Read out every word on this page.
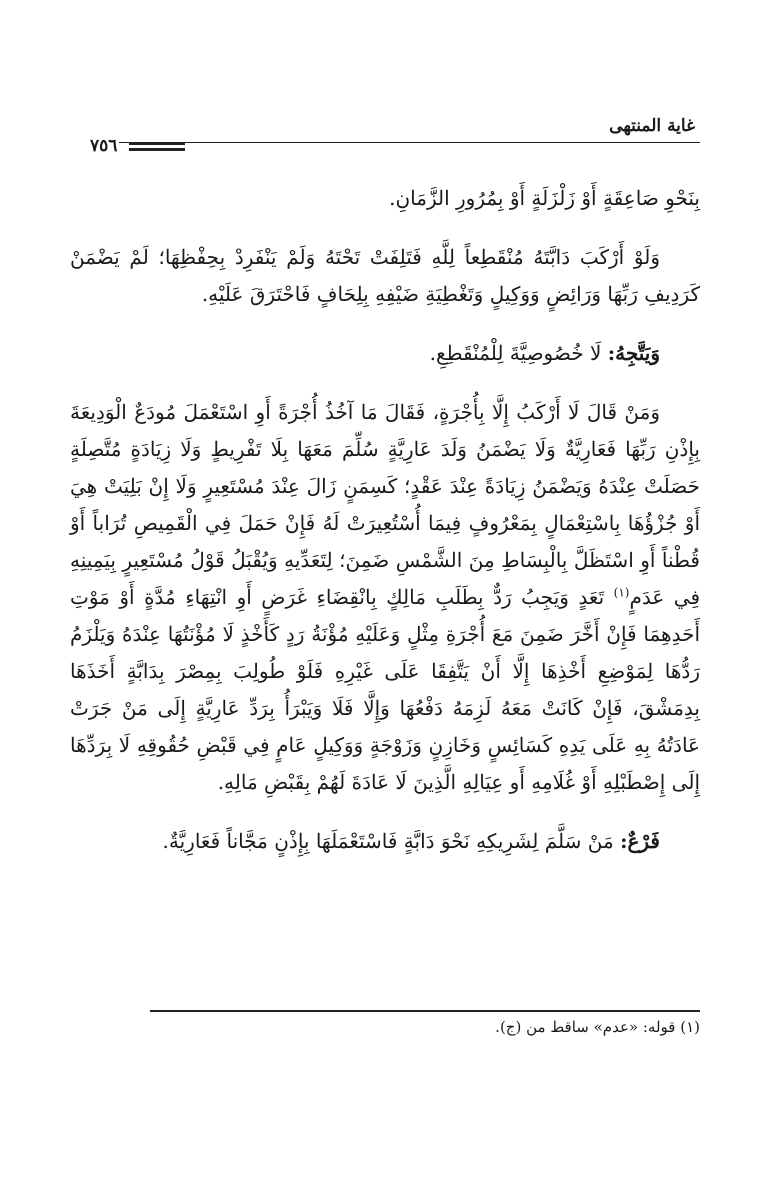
غاية المنتهى
٧٥٦

بِنَحْوِ صَاعِقَةٍ أَوْ زَلْزَلَةٍ أَوْ بِمُرُورِ الزَّمَانِ.

وَلَوْ أَرْكَبَ دَابَّتَهُ مُنْقَطِعاً لِلَّهِ فَتَلِفَتْ تَحْتَهُ وَلَمْ يَنْفَرِدْ بِحِفْظِهَا؛ لَمْ يَضْمَنْ كَرَدِيفِ رَبِّهَا وَرَائِضٍ وَوَكِيلٍ وَتَغْطِيَةِ ضَيْفِهِ بِلِحَافٍ فَاحْتَرَقَ عَلَيْهِ.

وَيَتَّجِهُ: لَا خُصُوصِيَّةَ لِلْمُنْقَطِعِ.

وَمَنْ قَالَ لَا أَرْكَبُ إِلَّا بِأُجْرَةٍ، فَقَالَ مَا آخُذُ أُجْرَةً أَوِ اسْتَعْمَلَ مُودَعٌ الْوَدِيعَةَ بِإِذْنِ رَبِّهَا فَعَارِيَّةٌ وَلَا يَضْمَنُ وَلَدَ عَارِيَّةٍ سُلِّمَ مَعَهَا بِلَا تَفْرِيطٍ وَلَا زِيَادَةٍ مُتَّصِلَةٍ حَصَلَتْ عِنْدَهُ وَيَضْمَنُ زِيَادَةً عِنْدَ عَقْدٍ؛ كَسِمَنٍ زَالَ عِنْدَ مُسْتَعِيرٍ وَلَا إِنْ بَلِيَتْ هِيَ أَوْ جُزْؤُهَا بِاسْتِعْمَالٍ بِمَعْرُوفٍ فِيمَا أُسْتُعِيرَتْ لَهُ فَإِنْ حَمَلَ فِي الْقَمِيصِ تُرَاباً أَوْ قُطْناً أَوِ اسْتَظَلَّ بِالْبِسَاطِ مِنَ الشَّمْسِ ضَمِنَ؛ لِتَعَدِّيهِ وَيُقْبَلُ قَوْلُ مُسْتَعِيرٍ بِيَمِينِهِ فِي عَدَمٍ$^{(١)}$ تَعَدٍ وَيَجِبُ رَدٌّ بِطَلَبِ مَالِكٍ بِانْقِضَاءِ غَرَضٍ أَوِ انْتِهَاءِ مُدَّةٍ أَوْ مَوْتِ أَحَدِهِمَا فَإِنْ أَخَّرَ ضَمِنَ مَعَ أُجْرَةِ مِثْلٍ وَعَلَيْهِ مُؤْنَةُ رَدٍ كَأَخْذٍ لَا مُؤْنَتُهَا عِنْدَهُ وَيَلْزَمُ رَدُّهَا لِمَوْضِعِ أَخْذِهَا إِلَّا أَنْ يَتَّفِقَا عَلَى غَيْرِهِ فَلَوْ طُولِبَ بِمِصْرَ بِدَابَّةٍ أَخَذَهَا بِدِمَشْقَ، فَإِنْ كَانَتْ مَعَهُ لَزِمَهُ دَفْعُهَا وَإِلَّا فَلَا وَيَبْرَأُ بِرَدِّ عَارِيَّةٍ إِلَى مَنْ جَرَتْ عَادَتُهُ بِهِ عَلَى يَدِهِ كَسَائِسٍ وَخَازِنٍ وَزَوْجَةٍ وَوَكِيلٍ عَامٍ فِي قَبْضِ حُقُوقِهِ لَا بِرَدِّهَا إِلَى إِصْطَبْلِهِ أَوْ غُلَامِهِ أَو عِيَالِهِ الَّذِينَ لَا عَادَةَ لَهُمْ بِقَبْضِ مَالِهِ.

فَرْعٌ: مَنْ سَلَّمَ لِشَرِيكِهِ نَحْوَ دَابَّةٍ فَاسْتَعْمَلَهَا بِإِذْنٍ مَجَّاناً فَعَارِيَّةٌ.

(١) قوله: «عدم» ساقط من (ج).
